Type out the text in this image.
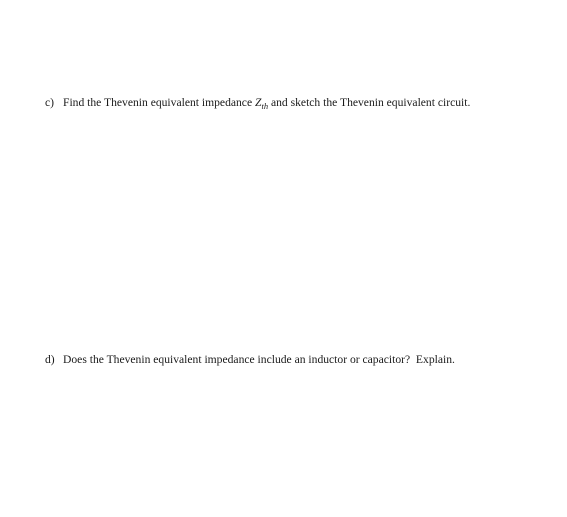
c) Find the Thevenin equivalent impedance $Z_{th}$ and sketch the Thevenin equivalent circuit.
d) Does the Thevenin equivalent impedance include an inductor or capacitor?  Explain.
